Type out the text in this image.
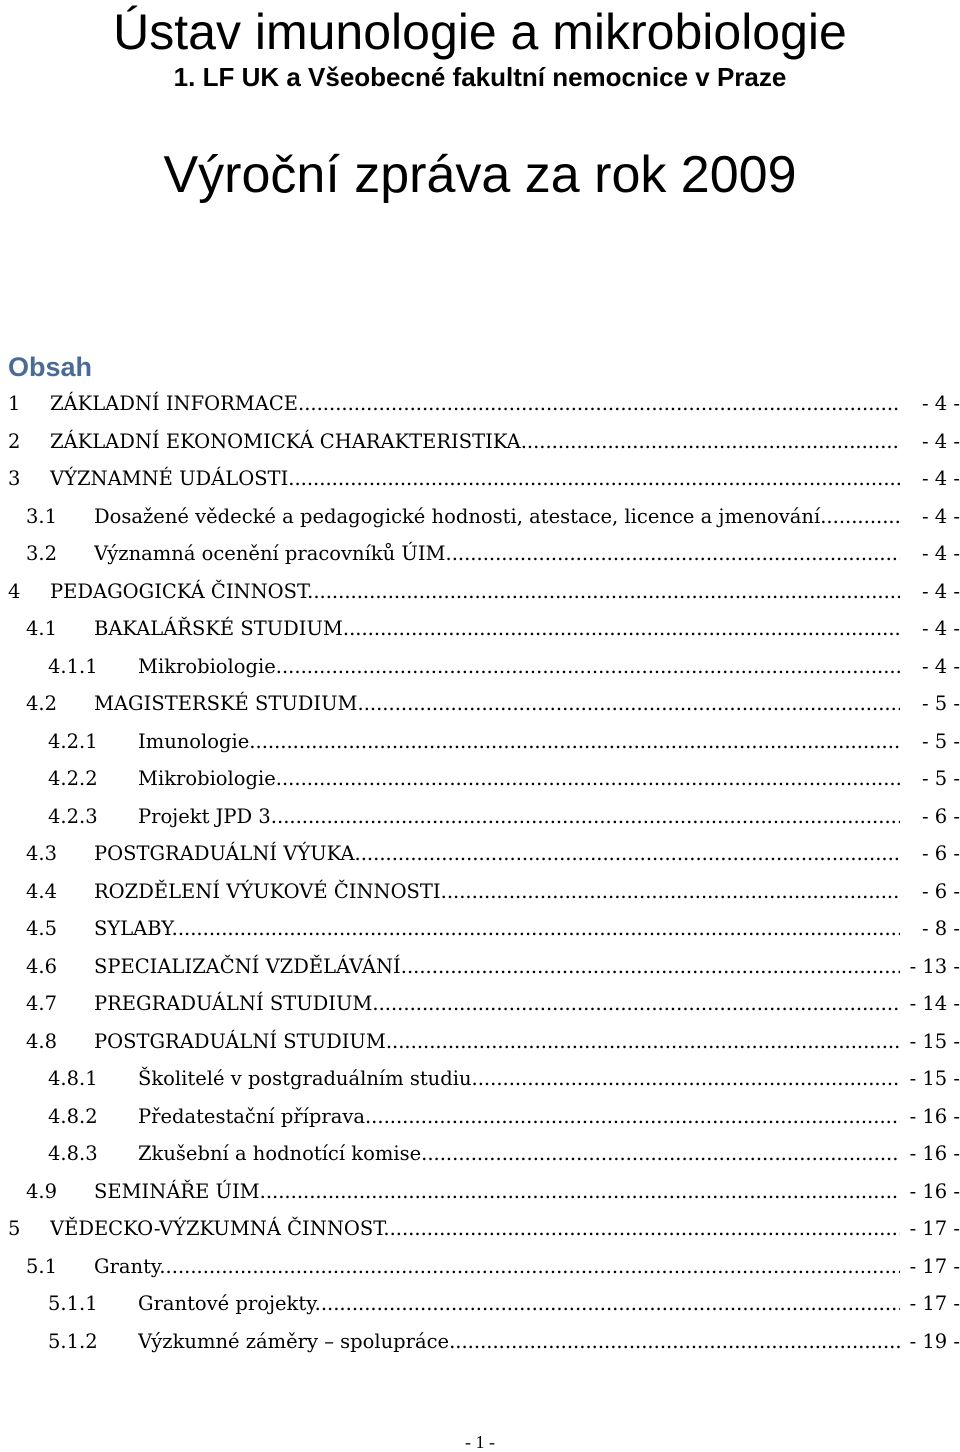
Ústav imunologie a mikrobiologie
1. LF UK a Všeobecné fakultní nemocnice v Praze
Výroční zpráva za rok 2009
Obsah
1 ZÁKLADNÍ INFORMACE .....	- 4 -
2 ZÁKLADNÍ EKONOMICKÁ CHARAKTERISTIKA .....	- 4 -
3 VÝZNAMNÉ UDÁLOSTI .....	- 4 -
3.1 Dosažené vědecké a pedagogické hodnosti, atestace, licence a jmenování .....	- 4 -
3.2 Významná ocenění pracovníků ÚIM .....	- 4 -
4 PEDAGOGICKÁ ČINNOST .....	- 4 -
4.1 BAKALÁŘSKÉ STUDIUM .....	- 4 -
4.1.1 Mikrobiologie .....	- 4 -
4.2 MAGISTERSKÉ STUDIUM .....	- 5 -
4.2.1 Imunologie .....	- 5 -
4.2.2 Mikrobiologie .....	- 5 -
4.2.3 Projekt JPD 3 .....	- 6 -
4.3 POSTGRADUÁLNÍ VÝUKA .....	- 6 -
4.4 ROZDĚLENÍ VÝUKOVÉ ČINNOSTI .....	- 6 -
4.5 SYLABY .....	- 8 -
4.6 SPECIALIZAČNÍ VZDĚLÁVÁNÍ .....	- 13 -
4.7 PREGRADUÁLNÍ STUDIUM .....	- 14 -
4.8 POSTGRADUÁLNÍ STUDIUM .....	- 15 -
4.8.1 Školitelé v postgraduálním studiu .....	- 15 -
4.8.2 Předatestační příprava .....	- 16 -
4.8.3 Zkušební a hodnotící komise .....	- 16 -
4.9 SEMINÁŘE ÚIM .....	- 16 -
5 VĚDECKO-VÝZKUMNÁ ČINNOST .....	- 17 -
5.1 Granty .....	- 17 -
5.1.1 Grantové projekty .....	- 17 -
5.1.2 Výzkumné záměry – spolupráce .....	- 19 -
- 1 -
